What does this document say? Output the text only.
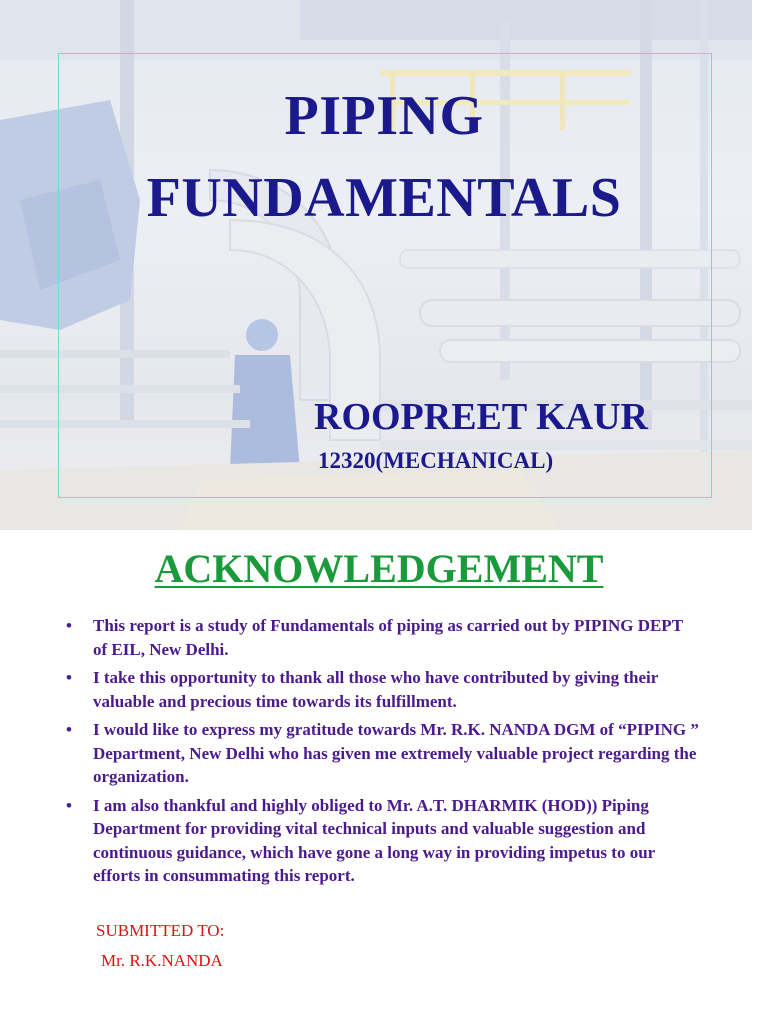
PIPING
FUNDAMENTALS
ROOPREET KAUR
12320(MECHANICAL)
ACKNOWLEDGEMENT
• This report is a study of Fundamentals of piping as carried out by PIPING DEPT of EIL, New Delhi.
• I take this opportunity to thank all those who have contributed by giving their valuable and precious time towards its fulfillment.
• I would like to express my gratitude towards Mr. R.K. NANDA DGM of “PIPING ” Department, New Delhi who has given me extremely valuable project regarding the organization.
• I am also thankful and highly obliged to Mr. A.T. DHARMIK (HOD)) Piping Department for providing vital technical inputs and valuable suggestion and continuous guidance, which have gone a long way in providing impetus to our efforts in consummating this report.
SUBMITTED TO:
Mr. R.K.NANDA
